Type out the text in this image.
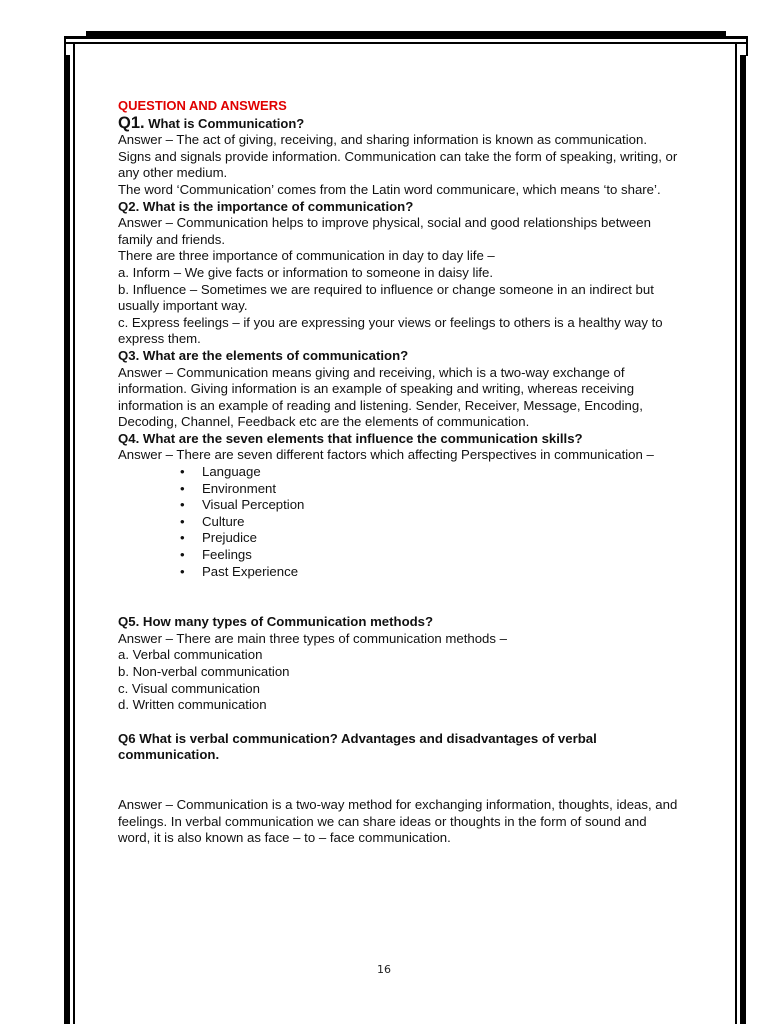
QUESTION AND ANSWERS

Q1. What is Communication?

Answer – The act of giving, receiving, and sharing information is known as communication. Signs and signals provide information. Communication can take the form of speaking, writing, or any other medium.

The word ‘Communication’ comes from the Latin word communicare, which means ‘to share’.

Q2. What is the importance of communication?

Answer – Communication helps to improve physical, social and good relationships between family and friends.

There are three importance of communication in day to day life –

a. Inform – We give facts or information to someone in daisy life.

b. Influence – Sometimes we are required to influence or change someone in an indirect but usually important way.

c. Express feelings – if you are expressing your views or feelings to others is a healthy way to express them.

Q3. What are the elements of communication?

Answer – Communication means giving and receiving, which is a two-way exchange of information. Giving information is an example of speaking and writing, whereas receiving information is an example of reading and listening. Sender, Receiver, Message, Encoding, Decoding, Channel, Feedback etc are the elements of communication.

Q4. What are the seven elements that influence the communication skills?

Answer – There are seven different factors which affecting Perspectives in communication –

• Language
• Environment
• Visual Perception
• Culture
• Prejudice
• Feelings
• Past Experience

Q5. How many types of Communication methods?

Answer – There are main three types of communication methods –

a. Verbal communication

b. Non-verbal communication

c. Visual communication

d. Written communication

Q6 What is verbal communication? Advantages and disadvantages of verbal communication.

Answer – Communication is a two-way method for exchanging information, thoughts, ideas, and feelings. In verbal communication we can share ideas or thoughts in the form of sound and word, it is also known as face – to – face communication.

16
